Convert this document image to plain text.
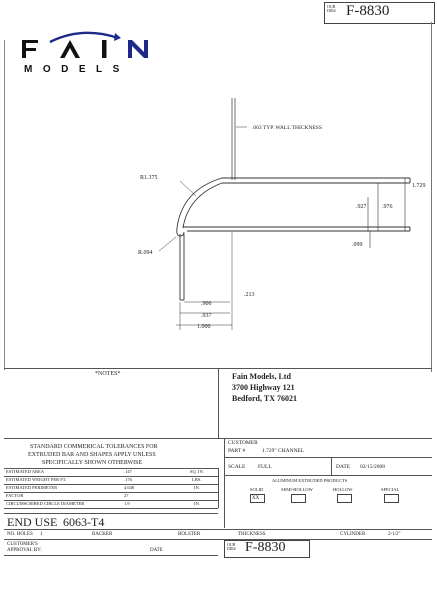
OUR DIE# F-8830
MODELS
.063 TYP. WALL THICKNESS
R1.375
R.094
1.729
.927	.976
.099
.213
.906
.937
1.000
*NOTES*	Fain Models, Ltd
3700 Highway 121
Bedford, TX 76021
STANDARD COMMERICAL TOLERANCES FOR
EXTRUDED BAR AND SHAPES APPLY UNLESS
SPECIFICALLY SHOWN OTHERWISE
ESTIMATED AREA	.147	SQ. IN.
ESTIMATED WEIGHT PER FT.	.176	LBS.
ESTIMATED PERIMETER	4.648	IN.
FACTOR	27
CIRCUMSCRIBED CIRCLE DIAMETER	1.9	IN.
CUSTOMER
PART #	1.729" CHANNEL
SCALE FULL	DATE 02/15/2008
ALUMINUM EXTRUDED PRODUCTS
SOLID
XX
SEMI-HOLLOW	HOLLOW	SPECIAL
END USE 6063-T4
NO. HOLES 1	BACKER	BOLSTER	THICKNESS	CYLINDER	2-1/2"
CUSTOMER'S
APPROVAL BY:	DATE
OUR DIE# F-8830
